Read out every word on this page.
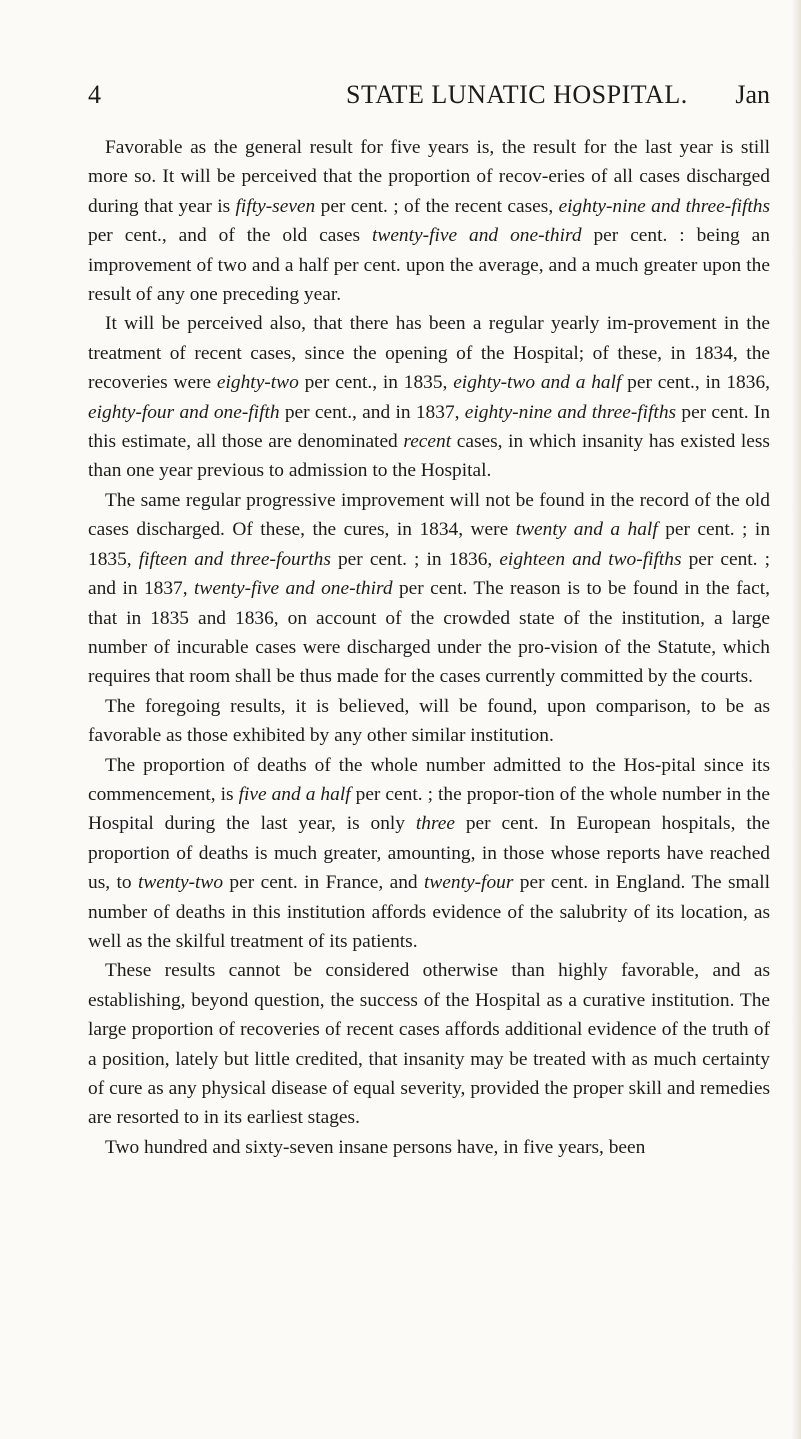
4	STATE LUNATIC HOSPITAL. Jan

Favorable as the general result for five years is, the result for the last year is still more so. It will be perceived that the proportion of recov-eries of all cases discharged during that year is fifty-seven per cent. ; of the recent cases, eighty-nine and three-fifths per cent., and of the old cases twenty-five and one-third per cent. : being an improvement of two and a half per cent. upon the average, and a much greater upon the result of any one preceding year.

It will be perceived also, that there has been a regular yearly im-provement in the treatment of recent cases, since the opening of the Hospital; of these, in 1834, the recoveries were eighty-two per cent., in 1835, eighty-two and a half per cent., in 1836, eighty-four and one-fifth per cent., and in 1837, eighty-nine and three-fifths per cent. In this estimate, all those are denominated recent cases, in which insanity has existed less than one year previous to admission to the Hospital.

The same regular progressive improvement will not be found in the record of the old cases discharged. Of these, the cures, in 1834, were twenty and a half per cent. ; in 1835, fifteen and three-fourths per cent. ; in 1836, eighteen and two-fifths per cent. ; and in 1837, twenty-five and one-third per cent. The reason is to be found in the fact, that in 1835 and 1836, on account of the crowded state of the institution, a large number of incurable cases were discharged under the pro-vision of the Statute, which requires that room shall be thus made for the cases currently committed by the courts.

The foregoing results, it is believed, will be found, upon comparison, to be as favorable as those exhibited by any other similar institution.

The proportion of deaths of the whole number admitted to the Hos-pital since its commencement, is five and a half per cent. ; the propor-tion of the whole number in the Hospital during the last year, is only three per cent. In European hospitals, the proportion of deaths is much greater, amounting, in those whose reports have reached us, to twenty-two per cent. in France, and twenty-four per cent. in England. The small number of deaths in this institution affords evidence of the salubrity of its location, as well as the skilful treatment of its patients.

These results cannot be considered otherwise than highly favorable, and as establishing, beyond question, the success of the Hospital as a curative institution. The large proportion of recoveries of recent cases affords additional evidence of the truth of a position, lately but little credited, that insanity may be treated with as much certainty of cure as any physical disease of equal severity, provided the proper skill and remedies are resorted to in its earliest stages.

Two hundred and sixty-seven insane persons have, in five years, been
